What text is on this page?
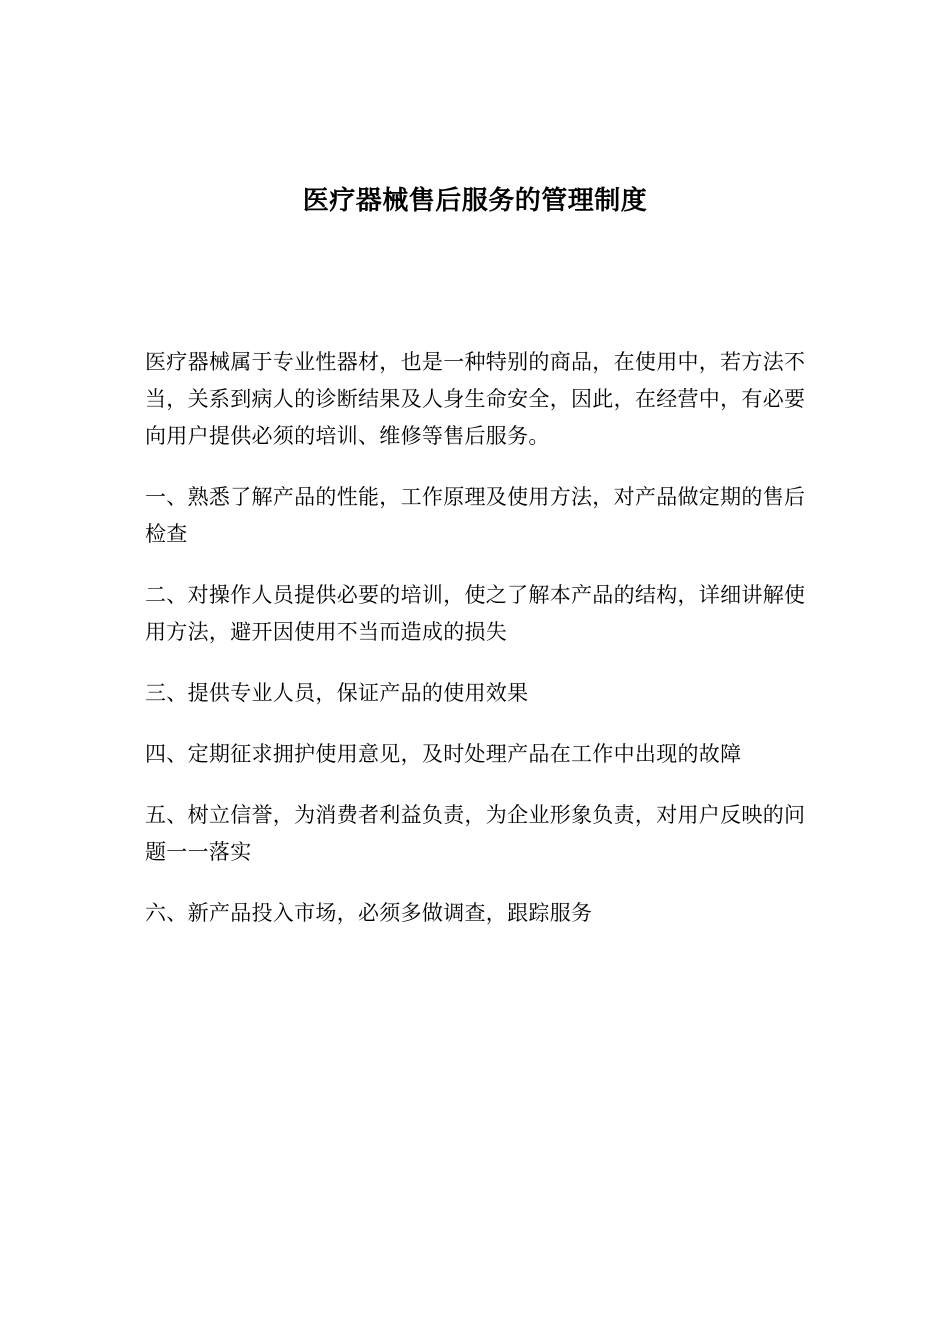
医疗器械售后服务的管理制度

医疗器械属于专业性器材，也是一种特别的商品，在使用中，若方法不当，关系到病人的诊断结果及人身生命安全，因此，在经营中，有必要向用户提供必须的培训、维修等售后服务。

一、熟悉了解产品的性能，工作原理及使用方法，对产品做定期的售后检查

二、对操作人员提供必要的培训，使之了解本产品的结构，详细讲解使用方法，避开因使用不当而造成的损失

三、提供专业人员，保证产品的使用效果

四、定期征求拥护使用意见，及时处理产品在工作中出现的故障

五、树立信誉，为消费者利益负责，为企业形象负责，对用户反映的问题一一落实

六、新产品投入市场，必须多做调查，跟踪服务
